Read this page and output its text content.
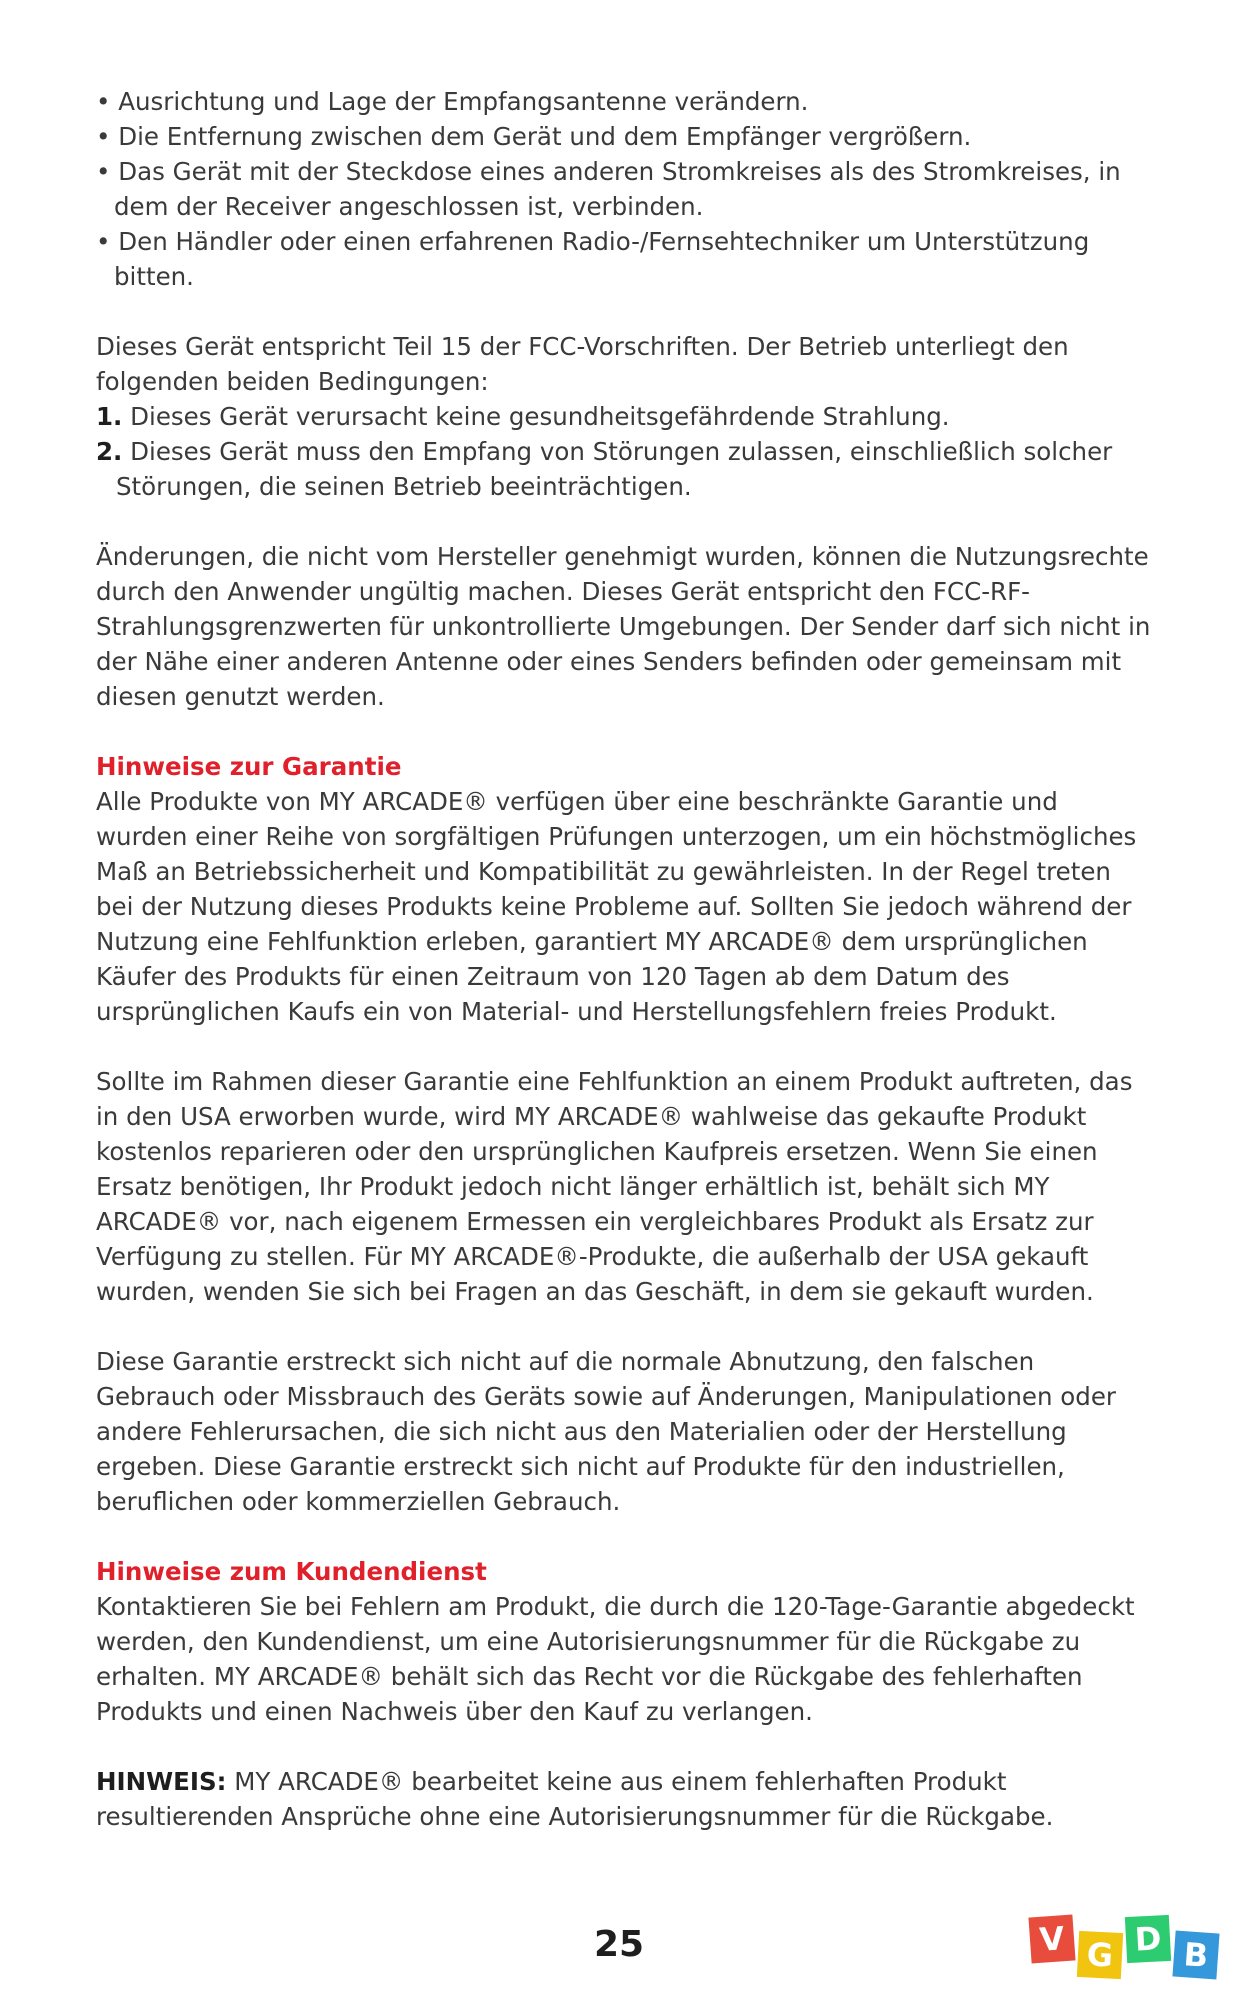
• Ausrichtung und Lage der Empfangsantenne verändern.
• Die Entfernung zwischen dem Gerät und dem Empfänger vergrößern.
• Das Gerät mit der Steckdose eines anderen Stromkreises als des Stromkreises, in dem der Receiver angeschlossen ist, verbinden.
• Den Händler oder einen erfahrenen Radio-/Fernsehtechniker um Unterstützung bitten.

Dieses Gerät entspricht Teil 15 der FCC-Vorschriften. Der Betrieb unterliegt den folgenden beiden Bedingungen:

1. Dieses Gerät verursacht keine gesundheitsgefährdende Strahlung.
2. Dieses Gerät muss den Empfang von Störungen zulassen, einschließlich solcher Störungen, die seinen Betrieb beeinträchtigen.

Änderungen, die nicht vom Hersteller genehmigt wurden, können die Nutzungsrechte durch den Anwender ungültig machen. Dieses Gerät entspricht den FCC-RF-Strahlungsgrenzwerten für unkontrollierte Umgebungen. Der Sender darf sich nicht in der Nähe einer anderen Antenne oder eines Senders befinden oder gemeinsam mit diesen genutzt werden.

Hinweise zur Garantie

Alle Produkte von MY ARCADE® verfügen über eine beschränkte Garantie und wurden einer Reihe von sorgfältigen Prüfungen unterzogen, um ein höchstmögliches Maß an Betriebssicherheit und Kompatibilität zu gewährleisten. In der Regel treten bei der Nutzung dieses Produkts keine Probleme auf. Sollten Sie jedoch während der Nutzung eine Fehlfunktion erleben, garantiert MY ARCADE® dem ursprünglichen Käufer des Produkts für einen Zeitraum von 120 Tagen ab dem Datum des ursprünglichen Kaufs ein von Material- und Herstellungsfehlern freies Produkt.

Sollte im Rahmen dieser Garantie eine Fehlfunktion an einem Produkt auftreten, das in den USA erworben wurde, wird MY ARCADE® wahlweise das gekaufte Produkt kostenlos reparieren oder den ursprünglichen Kaufpreis ersetzen. Wenn Sie einen Ersatz benötigen, Ihr Produkt jedoch nicht länger erhältlich ist, behält sich MY ARCADE® vor, nach eigenem Ermessen ein vergleichbares Produkt als Ersatz zur Verfügung zu stellen. Für MY ARCADE®-Produkte, die außerhalb der USA gekauft wurden, wenden Sie sich bei Fragen an das Geschäft, in dem sie gekauft wurden.

Diese Garantie erstreckt sich nicht auf die normale Abnutzung, den falschen Gebrauch oder Missbrauch des Geräts sowie auf Änderungen, Manipulationen oder andere Fehlerursachen, die sich nicht aus den Materialien oder der Herstellung ergeben. Diese Garantie erstreckt sich nicht auf Produkte für den industriellen, beruflichen oder kommerziellen Gebrauch.

Hinweise zum Kundendienst

Kontaktieren Sie bei Fehlern am Produkt, die durch die 120-Tage-Garantie abgedeckt werden, den Kundendienst, um eine Autorisierungsnummer für die Rückgabe zu erhalten. MY ARCADE® behält sich das Recht vor die Rückgabe des fehlerhaften Produkts und einen Nachweis über den Kauf zu verlangen.

HINWEIS: MY ARCADE® bearbeitet keine aus einem fehlerhaften Produkt resultierenden Ansprüche ohne eine Autorisierungsnummer für die Rückgabe.

25	V G D B
